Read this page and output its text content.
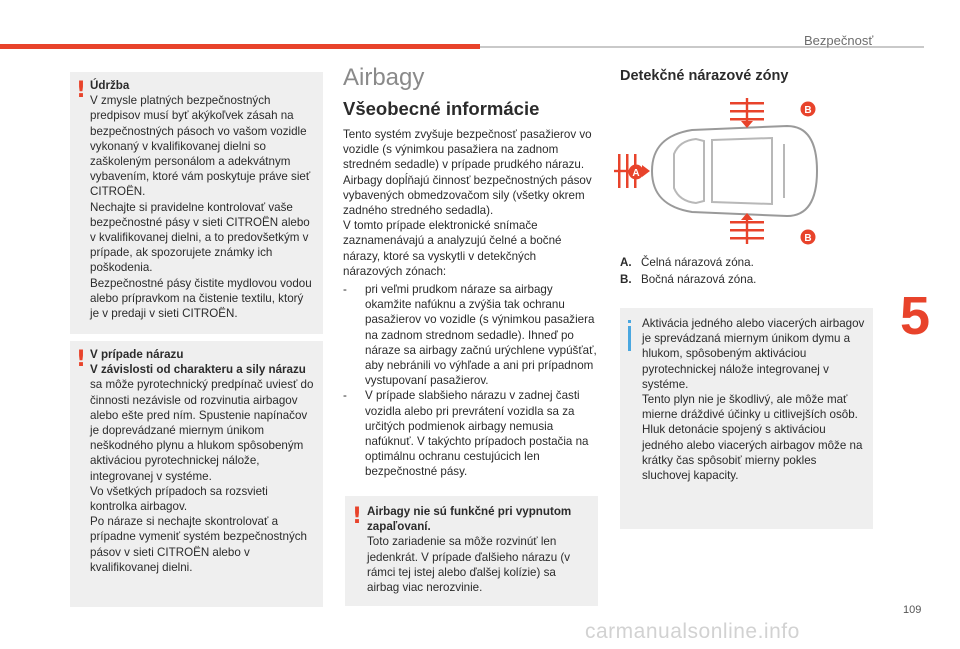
Bezpečnosť
5
109
carmanualsonline.info
! Údržba

V zmysle platných bezpečnostných predpisov musí byť akýkoľvek zásah na bezpečnostných pásoch vo vašom vozidle vykonaný v kvalifikovanej dielni so zaškoleným personálom a adekvátnym vybavením, ktoré vám poskytuje práve sieť CITROËN.
Nechajte si pravidelne kontrolovať vaše bezpečnostné pásy v sieti CITROËN alebo v kvalifikovanej dielni, a to predovšetkým v prípade, ak spozorujete známky ich poškodenia.
Bezpečnostné pásy čistite mydlovou vodou alebo prípravkom na čistenie textilu, ktorý je v predaji v sieti CITROËN.

! V prípade nárazu

V závislosti od charakteru a sily nárazu sa môže pyrotechnický predpínač uviesť do činnosti nezávisle od rozvinutia airbagov alebo ešte pred ním. Spustenie napínačov je doprevádzané miernym únikom neškodného plynu a hlukom spôsobeným aktiváciou pyrotechnickej náložе, integrovanej v systéme.
Vo všetkých prípadoch sa rozsvieti kontrolka airbagov.
Po náraze si nechajte skontrolovať a prípadne vymeniť systém bezpečnostných pásov v sieti CITROËN alebo v kvalifikovanej dielni.

Airbagy
Všeobecné informácie

Tento systém zvyšuje bezpečnosť pasažierov vo vozidle (s výnimkou pasažiera na zadnom stredném sedadle) v prípade prudkého nárazu. Airbagy dopĺňajú činnosť bezpečnostných pásov vybavených obmedzovačom sily (všetky okrem zadného stredného sedadla).
V tomto prípade elektronické snímače zaznamenávajú a analyzujú čelné a bočné nárazy, ktoré sa vyskytli v detekčných nárazových zónach:

- pri veľmi prudkom náraze sa airbagy okamžite nafúknu a zvýšia tak ochranu pasažierov vo vozidle (s výnimkou pasažiera na zadnom strednom sedadle). Ihneď po náraze sa airbagy začnú urýchlene vypúšťať, aby nebránili vo výhľade a ani pri prípadnom vystupovaní pasažierov.
- V prípade slabšieho nárazu v zadnej časti vozidla alebo pri prevrátení vozidla sa za určitých podmienok airbagy nemusia nafúknuť. V takýchto prípadoch postačia na optimálnu ochranu cestujúcich len bezpečnostné pásy.
! Airbagy nie sú funkčné pri vypnutom zapaľovaní.

Toto zariadenie sa môže rozvinúť len jedenkrát. V prípade ďalšieho nárazu (v rámci tej istej alebo ďalšej kolízie) sa airbag viac nerozvinie.

Detekčné nárazové zóny
A
B
B
A. Čelná nárazová zóna.
B. Bočná nárazová zóna.

Aktivácia jedného alebo viacerých airbagov je sprevádzaná miernym únikom dymu a hlukom, spôsobeným aktiváciou pyrotechnickej náložе integrovanej v systéme.
Tento plyn nie je škodlivý, ale môže mať mierne dráždivé účinky u citlivejších osôb.
Hluk detonácie spojený s aktiváciou jedného alebo viacerých airbagov môže na krátky čas spôsobiť mierny pokles sluchovej kapacity.
